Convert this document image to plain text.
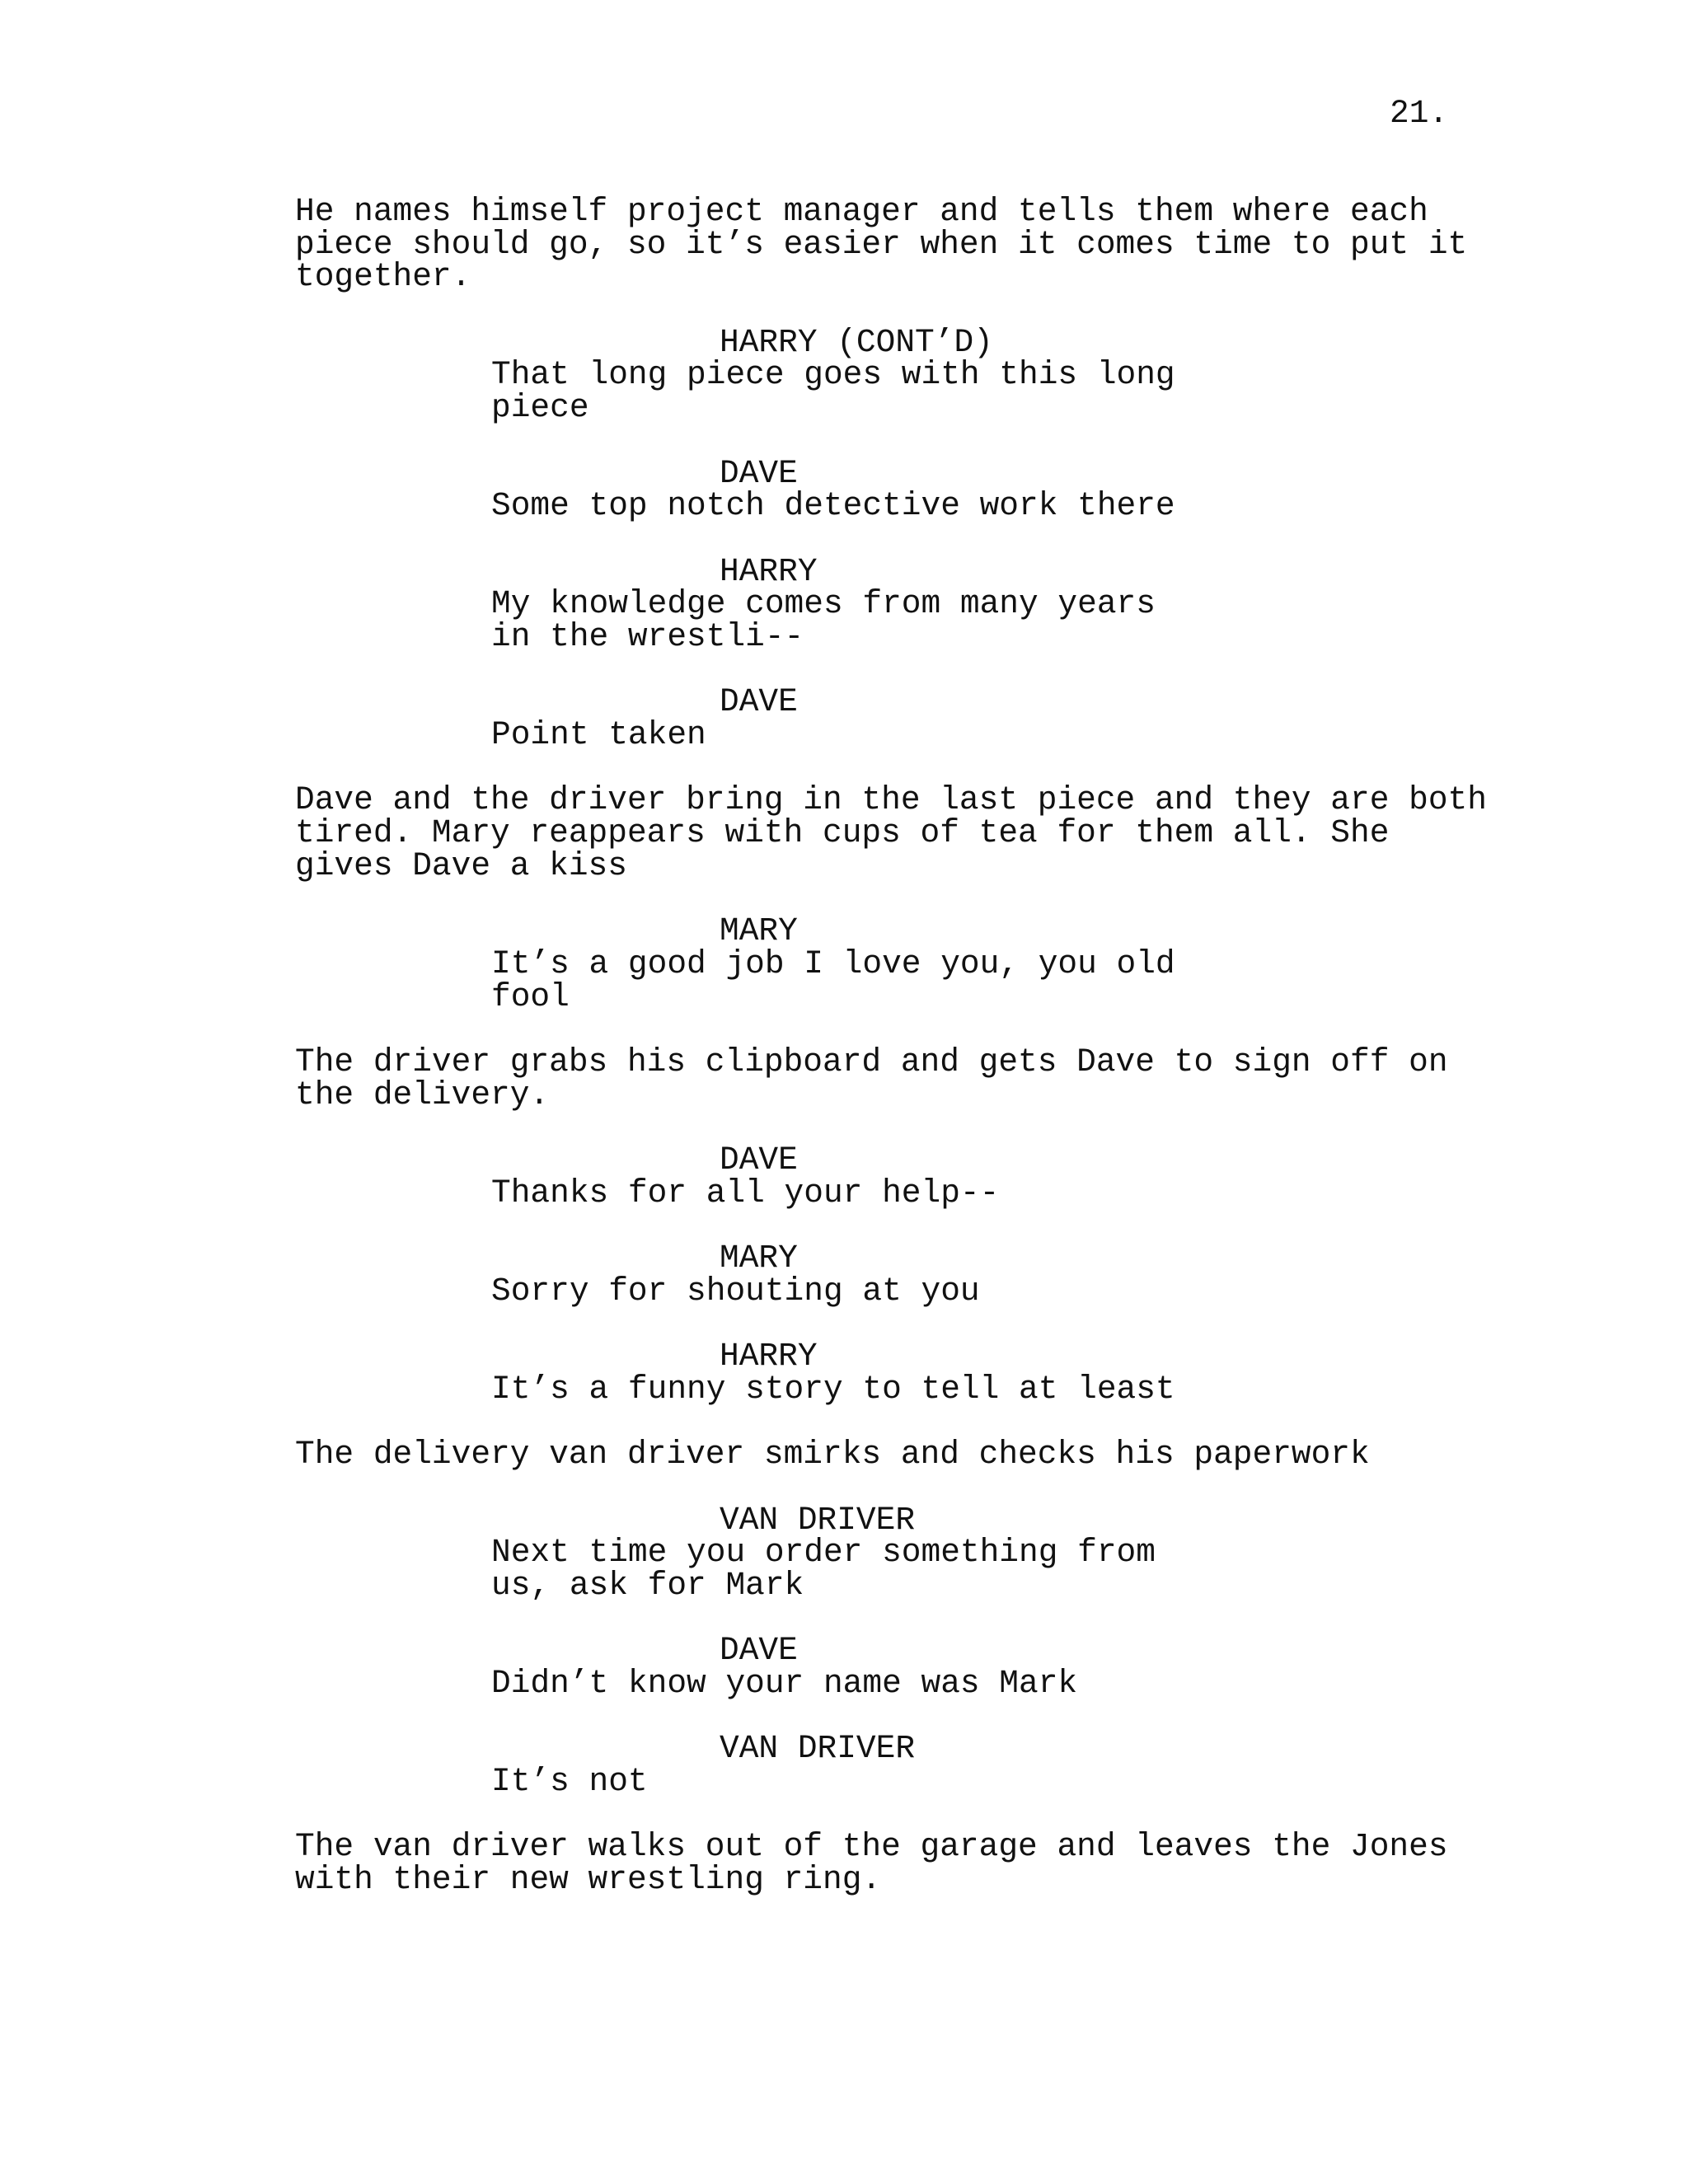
21.
He names himself project manager and tells them where each
piece should go, so it’s easier when it comes time to put it
together.
HARRY (CONT’D)
That long piece goes with this long
piece
DAVE
Some top notch detective work there
HARRY
My knowledge comes from many years
in the wrestli--
DAVE
Point taken
Dave and the driver bring in the last piece and they are both
tired. Mary reappears with cups of tea for them all. She
gives Dave a kiss
MARY
It’s a good job I love you, you old
fool
The driver grabs his clipboard and gets Dave to sign off on
the delivery.
DAVE
Thanks for all your help--
MARY
Sorry for shouting at you
HARRY
It’s a funny story to tell at least
The delivery van driver smirks and checks his paperwork
VAN DRIVER
Next time you order something from
us, ask for Mark
DAVE
Didn’t know your name was Mark
VAN DRIVER
It’s not
The van driver walks out of the garage and leaves the Jones
with their new wrestling ring.
